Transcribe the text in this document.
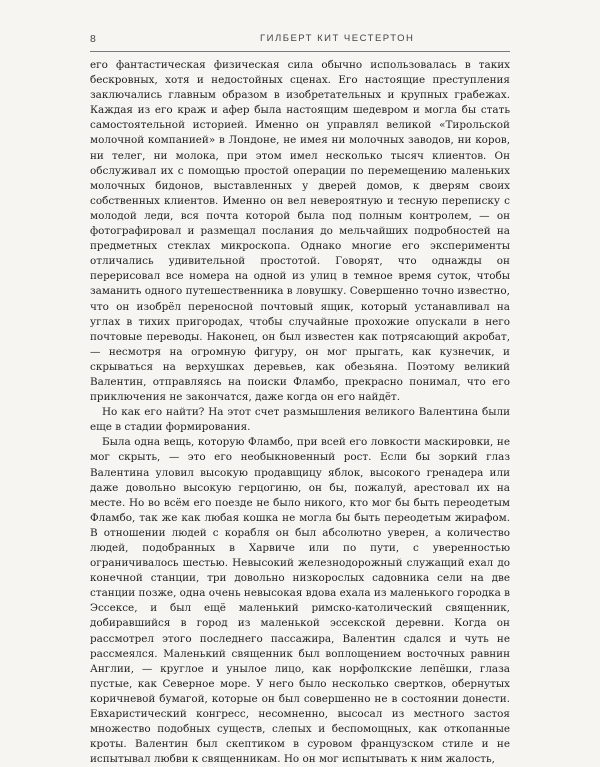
8	ГИЛБЕРТ КИТ ЧЕСТЕРТОН

его фантастическая физическая сила обычно использовалась в таких бескровных, хотя и недостойных сценах. Его настоящие преступления заключались главным образом в изобретательных и крупных грабежах. Каждая из его краж и афер была настоящим шедевром и могла бы стать самостоятельной историей. Именно он управлял великой «Тирольской молочной компанией» в Лондоне, не имея ни молочных заводов, ни коров, ни телег, ни молока, при этом имел несколько тысяч клиентов. Он обслуживал их с помощью простой операции по перемещению маленьких молочных бидонов, выставленных у дверей домов, к дверям своих собственных клиентов. Именно он вел невероятную и тесную переписку с молодой леди, вся почта которой была под полным контролем, — он фотографировал и размещал послания до мельчайших подробностей на предметных стеклах микроскопа. Однако многие его эксперименты отличались удивительной простотой. Говорят, что однажды он перерисовал все номера на одной из улиц в темное время суток, чтобы заманить одного путешественника в ловушку. Совершенно точно известно, что он изобрёл переносной почтовый ящик, который устанавливал на углах в тихих пригородах, чтобы случайные прохожие опускали в него почтовые переводы. Наконец, он был известен как потрясающий акробат, — несмотря на огромную фигуру, он мог прыгать, как кузнечик, и скрываться на верхушках деревьев, как обезьяна. Поэтому великий Валентин, отправляясь на поиски Фламбо, прекрасно понимал, что его приключения не закончатся, даже когда он его найдёт.

Но как его найти? На этот счет размышления великого Валентина были еще в стадии формирования.

Была одна вещь, которую Фламбо, при всей его ловкости маскировки, не мог скрыть, — это его необыкновенный рост. Если бы зоркий глаз Валентина уловил высокую продавщицу яблок, высокого гренадера или даже довольно высокую герцогиню, он бы, пожалуй, арестовал их на месте. Но во всём его поезде не было никого, кто мог бы быть переодетым Фламбо, так же как любая кошка не могла бы быть переодетым жирафом. В отношении людей с корабля он был абсолютно уверен, а количество людей, подобранных в Харвиче или по пути, с уверенностью ограничивалось шестью. Невысокий железнодорожный служащий ехал до конечной станции, три довольно низкорослых садовника сели на две станции позже, одна очень невысокая вдова ехала из маленького городка в Эссексе, и был ещё маленький римско-католический священник, добиравшийся в город из маленькой эссекской деревни. Когда он рассмотрел этого последнего пассажира, Валентин сдался и чуть не рассмеялся. Маленький священник был воплощением восточных равнин Англии, — круглое и унылое лицо, как норфолкские лепёшки, глаза пустые, как Северное море. У него было несколько свертков, обернутых коричневой бумагой, которые он был совершенно не в состоянии донести. Евхаристический конгресс, несомненно, высосал из местного застоя множество подобных существ, слепых и беспомощных, как откопанные кроты. Валентин был скептиком в суровом французском стиле и не испытывал любви к священникам. Но он мог испытывать к ним жалость,
